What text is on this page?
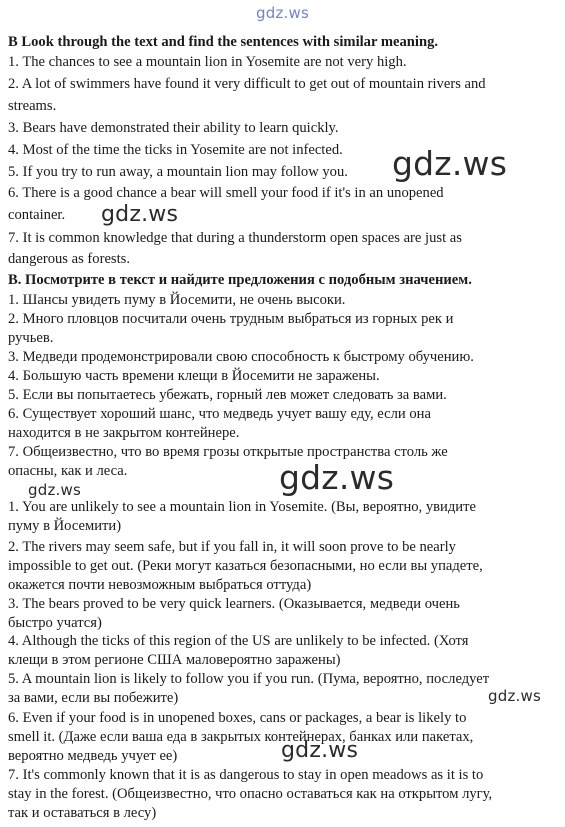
gdz.ws
B Look through the text and find the sentences with similar meaning.
1. The chances to see a mountain lion in Yosemite are not very high.
2. A lot of swimmers have found it very difficult to get out of mountain rivers and
streams.
3. Bears have demonstrated their ability to learn quickly.
4. Most of the time the ticks in Yosemite are not infected.
5. If you try to run away, a mountain lion may follow you.
6. There is a good chance a bear will smell your food if it's in an unopened
container.
7. It is common knowledge that during a thunderstorm open spaces are just as
dangerous as forests.
B. Посмотрите в текст и найдите предложения с подобным значением.
1. Шансы увидеть пуму в Йосемити, не очень высоки.
2. Много пловцов посчитали очень трудным выбраться из горных рек и
ручьев.
3. Медведи продемонстрировали свою способность к быстрому обучению.
4. Большую часть времени клещи в Йосемити не заражены.
5. Если вы попытаетесь убежать, горный лев может следовать за вами.
6. Существует хороший шанс, что медведь учует вашу еду, если она
находится в не закрытом контейнере.
7. Общеизвестно, что во время грозы открытые пространства столь же
опасны, как и леса.
1. You are unlikely to see a mountain lion in Yosemite. (Вы, вероятно, увидите
пуму в Йосемити)
2. The rivers may seem safe, but if you fall in, it will soon prove to be nearly
impossible to get out. (Реки могут казаться безопасными, но если вы упадете,
окажется почти невозможным выбраться оттуда)
3. The bears proved to be very quick learners. (Оказывается, медведи очень
быстро учатся)
4. Although the ticks of this region of the US are unlikely to be infected. (Хотя
клещи в этом регионе США маловероятно заражены)
5. A mountain lion is likely to follow you if you run. (Пума, вероятно, последует
за вами, если вы побежите)
6. Even if your food is in unopened boxes, cans or packages, a bear is likely to
smell it. (Даже если ваша еда в закрытых контейнерах, банках или пакетах,
вероятно медведь учует ее)
7. It's commonly known that it is as dangerous to stay in open meadows as it is to
stay in the forest. (Общеизвестно, что опасно оставаться как на открытом лугу,
так и оставаться в лесу)
gdz.ws
gdz.ws
gdz.ws
gdz.ws
gdz.ws
gdz.ws
